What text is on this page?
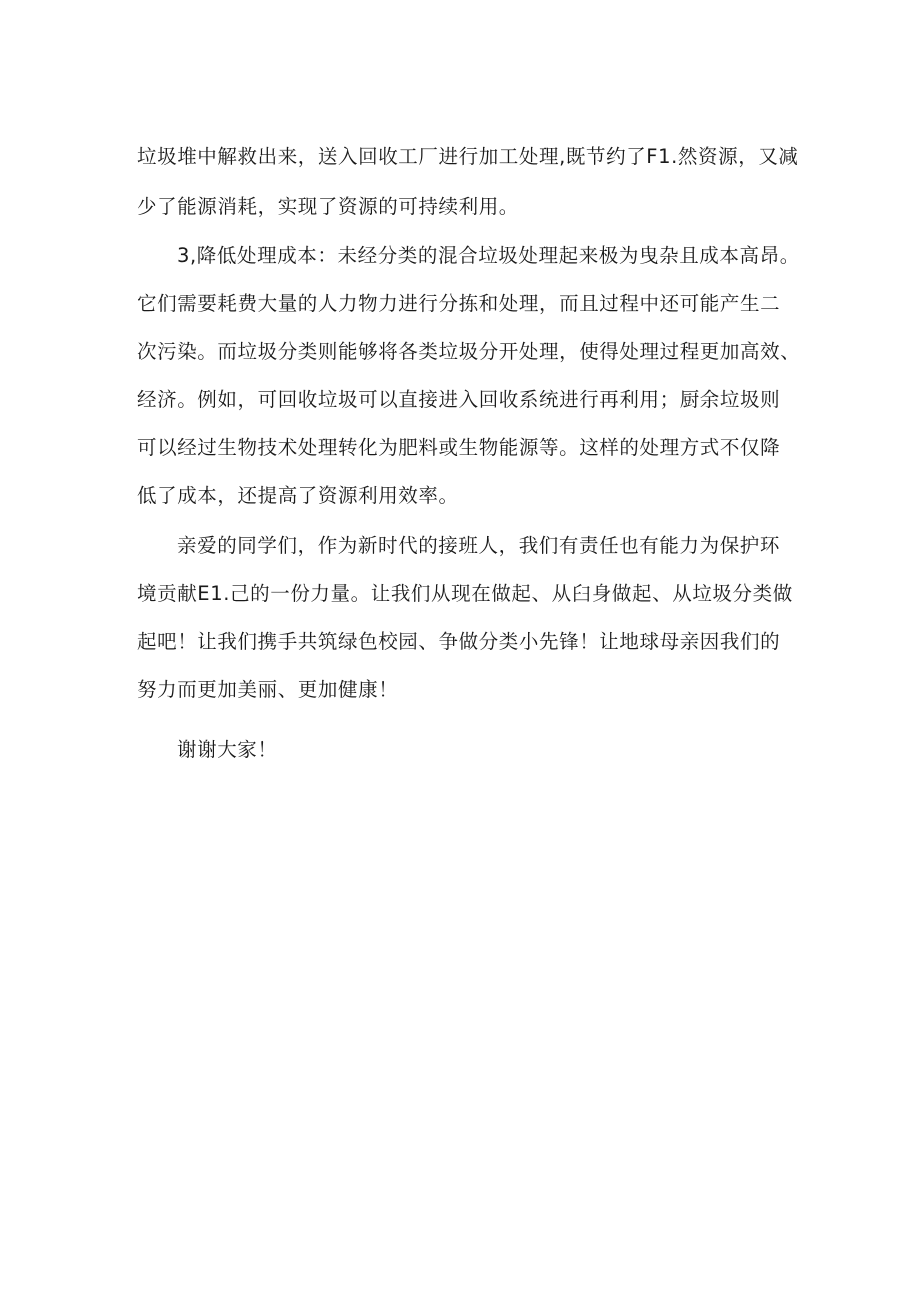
垃圾堆中解救出来，送入回收工厂进行加工处理,既节约了F1.然资源，又减
少了能源消耗，实现了资源的可持续利用。
3,降低处理成本：未经分类的混合垃圾处理起来极为曳杂且成本高昂。
它们需要耗费大量的人力物力进行分拣和处理，而且过程中还可能产生二
次污染。而垃圾分类则能够将各类垃圾分开处理，使得处理过程更加高效、
经济。例如，可回收垃圾可以直接进入回收系统进行再利用；厨余垃圾则
可以经过生物技术处理转化为肥料或生物能源等。这样的处理方式不仅降
低了成本，还提高了资源利用效率。
亲爱的同学们，作为新时代的接班人，我们有责任也有能力为保护环
境贡献E1.己的一份力量。让我们从现在做起、从臼身做起、从垃圾分类做
起吧！让我们携手共筑绿色校园、争做分类小先锋！让地球母亲因我们的
努力而更加美丽、更加健康！
谢谢大家！
